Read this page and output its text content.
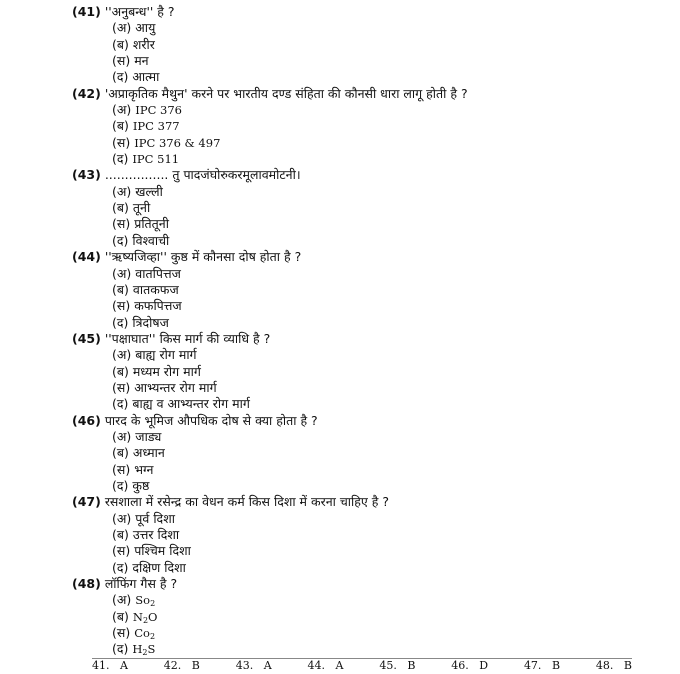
(41) ''अनुबन्ध'' है ?
(अ) आयु
(ब) शरीर
(स) मन
(द) आत्मा
(42) 'अप्राकृतिक मैथुन' करने पर भारतीय दण्ड संहिता की कौनसी धारा लागू होती है ?
(अ) IPC 376
(ब) IPC 377
(स) IPC 376 & 497
(द) IPC 511
(43) ................ तु पादजंघोरुकरमूलावमोटनी।
(अ) खल्ली
(ब) तूनी
(स) प्रतितूनी
(द) विश्वाची
(44) ''ऋष्यजिव्हा'' कुष्ठ में कौनसा दोष होता है ?
(अ) वातपित्तज
(ब) वातकफज
(स) कफपित्तज
(द) त्रिदोषज
(45) ''पक्षाघात'' किस मार्ग की व्याधि है ?
(अ) बाह्य रोग मार्ग
(ब) मध्यम रोग मार्ग
(स) आभ्यन्तर रोग मार्ग
(द) बाह्य व आभ्यन्तर रोग मार्ग
(46) पारद के भूमिज औपधिक दोष से क्या होता है ?
(अ) जाड्य
(ब) अध्मान
(स) भग्न
(द) कुष्ठ
(47) रसशाला में रसेन्द्र का वेधन कर्म किस दिशा में करना चाहिए है ?
(अ) पूर्व दिशा
(ब) उत्तर दिशा
(स) पश्चिम दिशा
(द) दक्षिण दिशा
(48) लॉफिंग गैस है ?
(अ) $So_2$
(ब) $N_2O$
(स) $Co_2$
(द) $H_2S$
41. A	42. B	43. A	44. A	45. B	46. D	47. B	48. B
